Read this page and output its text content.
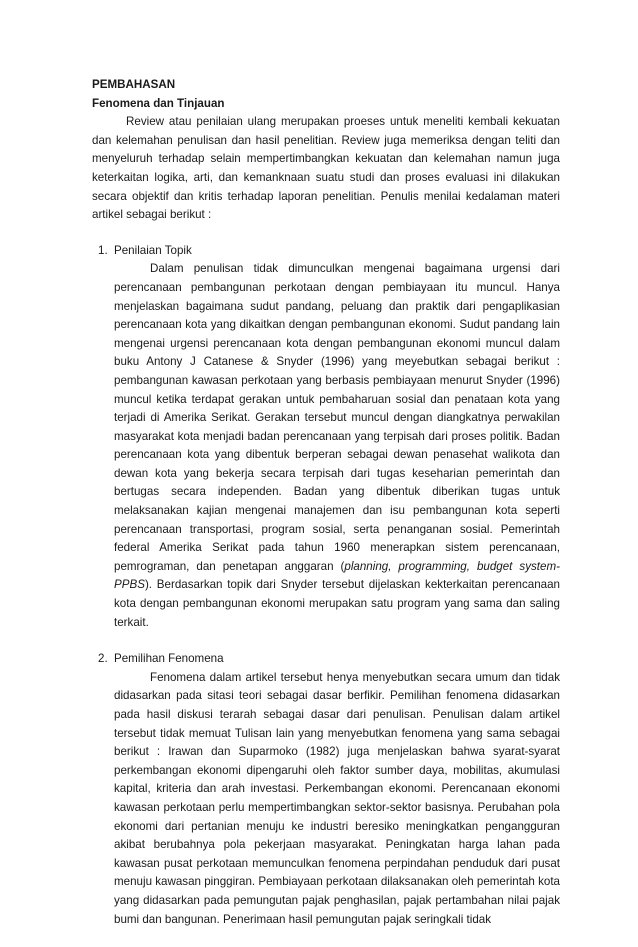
PEMBAHASAN

Fenomena dan Tinjauan

Review atau penilaian ulang merupakan proeses untuk meneliti kembali kekuatan dan kelemahan penulisan dan hasil penelitian. Review juga memeriksa dengan teliti dan menyeluruh terhadap selain mempertimbangkan kekuatan dan kelemahan namun juga keterkaitan logika, arti, dan kemanknaan suatu studi dan proses evaluasi ini dilakukan secara objektif dan kritis terhadap laporan penelitian. Penulis menilai kedalaman materi artikel sebagai berikut :

1. Penilaian Topik

Dalam penulisan tidak dimunculkan mengenai bagaimana urgensi dari perencanaan pembangunan perkotaan dengan pembiayaan itu muncul. Hanya menjelaskan bagaimana sudut pandang, peluang dan praktik dari pengaplikasian perencanaan kota yang dikaitkan dengan pembangunan ekonomi. Sudut pandang lain mengenai urgensi perencanaan kota dengan pembangunan ekonomi muncul dalam buku Antony J Catanese & Snyder (1996) yang meyebutkan sebagai berikut : pembangunan kawasan perkotaan yang berbasis pembiayaan menurut Snyder (1996) muncul ketika terdapat gerakan untuk pembaharuan sosial dan penataan kota yang terjadi di Amerika Serikat. Gerakan tersebut muncul dengan diangkatnya perwakilan masyarakat kota menjadi badan perencanaan yang terpisah dari proses politik. Badan perencanaan kota yang dibentuk berperan sebagai dewan penasehat walikota dan dewan kota yang bekerja secara terpisah dari tugas keseharian pemerintah dan bertugas secara independen. Badan yang dibentuk diberikan tugas untuk melaksanakan kajian mengenai manajemen dan isu pembangunan kota seperti perencanaan transportasi, program sosial, serta penanganan sosial. Pemerintah federal Amerika Serikat pada tahun 1960 menerapkan sistem perencanaan, pemrograman, dan penetapan anggaran (planning, programming, budget system-PPBS). Berdasarkan topik dari Snyder tersebut dijelaskan kekterkaitan perencanaan kota dengan pembangunan ekonomi merupakan satu program yang sama dan saling terkait.

2. Pemilihan Fenomena

Fenomena dalam artikel tersebut henya menyebutkan secara umum dan tidak didasarkan pada sitasi teori sebagai dasar berfikir. Pemilihan fenomena didasarkan pada hasil diskusi terarah sebagai dasar dari penulisan. Penulisan dalam artikel tersebut tidak memuat Tulisan lain yang menyebutkan fenomena yang sama sebagai berikut : Irawan dan Suparmoko (1982) juga menjelaskan bahwa syarat-syarat perkembangan ekonomi dipengaruhi oleh faktor sumber daya, mobilitas, akumulasi kapital, kriteria dan arah investasi. Perkembangan ekonomi. Perencanaan ekonomi kawasan perkotaan perlu mempertimbangkan sektor-sektor basisnya. Perubahan pola ekonomi dari pertanian menuju ke industri beresiko meningkatkan pengangguran akibat berubahnya pola pekerjaan masyarakat. Peningkatan harga lahan pada kawasan pusat perkotaan memunculkan fenomena perpindahan penduduk dari pusat menuju kawasan pinggiran. Pembiayaan perkotaan dilaksanakan oleh pemerintah kota yang didasarkan pada pemungutan pajak penghasilan, pajak pertambahan nilai pajak bumi dan bangunan. Penerimaan hasil pemungutan pajak seringkali tidak
